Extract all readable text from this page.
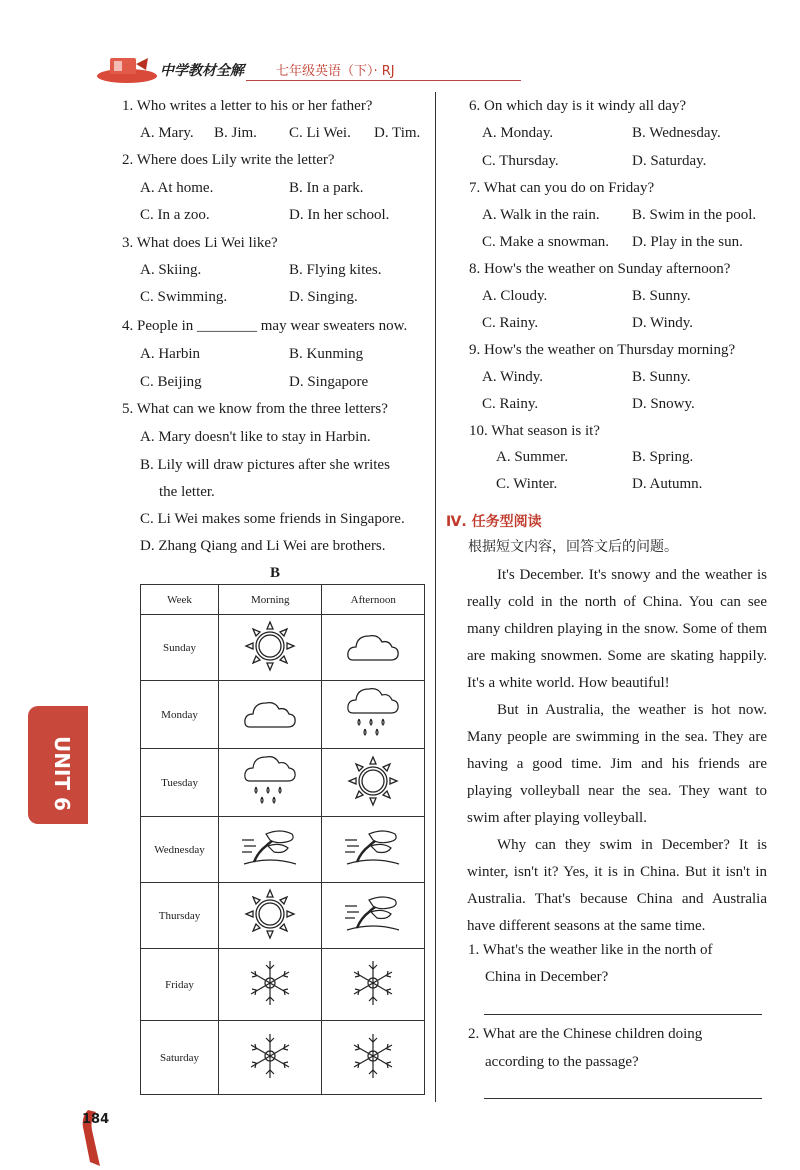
中学教材全解 七年级英语（下）· RJ
1. Who writes a letter to his or her father?
A. Mary. B. Jim. C. Li Wei. D. Tim.
2. Where does Lily write the letter?
A. At home.	B. In a park.
C. In a zoo.	D. In her school.
3. What does Li Wei like?
A. Skiing.	B. Flying kites.
C. Swimming.	D. Singing.
4. People in ________ may wear sweaters now.
A. Harbin	B. Kunming
C. Beijing	D. Singapore
5. What can we know from the three letters?
A. Mary doesn't like to stay in Harbin.
B. Lily will draw pictures after she writes
the letter.
C. Li Wei makes some friends in Singapore.
D. Zhang Qiang and Li Wei are brothers.
B
Week	Morning	Afternoon
Sunday		
Monday		
Tuesday		
Wednesday		
Thursday		
Friday		
Saturday		
6. On which day is it windy all day?
A. Monday.	B. Wednesday.
C. Thursday.	D. Saturday.
7. What can you do on Friday?
A. Walk in the rain. B. Swim in the pool.
C. Make a snowman. D. Play in the sun.
8. How's the weather on Sunday afternoon?
A. Cloudy.	B. Sunny.
C. Rainy.	D. Windy.
9. How's the weather on Thursday morning?
A. Windy.	B. Sunny.
C. Rainy.	D. Snowy.
10. What season is it?
A. Summer.	B. Spring.
C. Winter.	D. Autumn.
Ⅳ. 任务型阅读
根据短文内容，回答文后的问题。

It's December. It's snowy and the weather is really cold in the north of China. You can see many children playing in the snow. Some of them are making snowmen. Some are skating happily. It's a white world. How beautiful!

But in Australia, the weather is hot now. Many people are swimming in the sea. They are having a good time. Jim and his friends are playing volleyball near the sea. They want to swim after playing volleyball.

Why can they swim in December? It is winter, isn't it? Yes, it is in China. But it isn't in Australia. That's because China and Australia have different seasons at the same time.

1. What's the weather like in the north of
China in December?
2. What are the Chinese children doing
according to the passage?
UNIT 6
184
